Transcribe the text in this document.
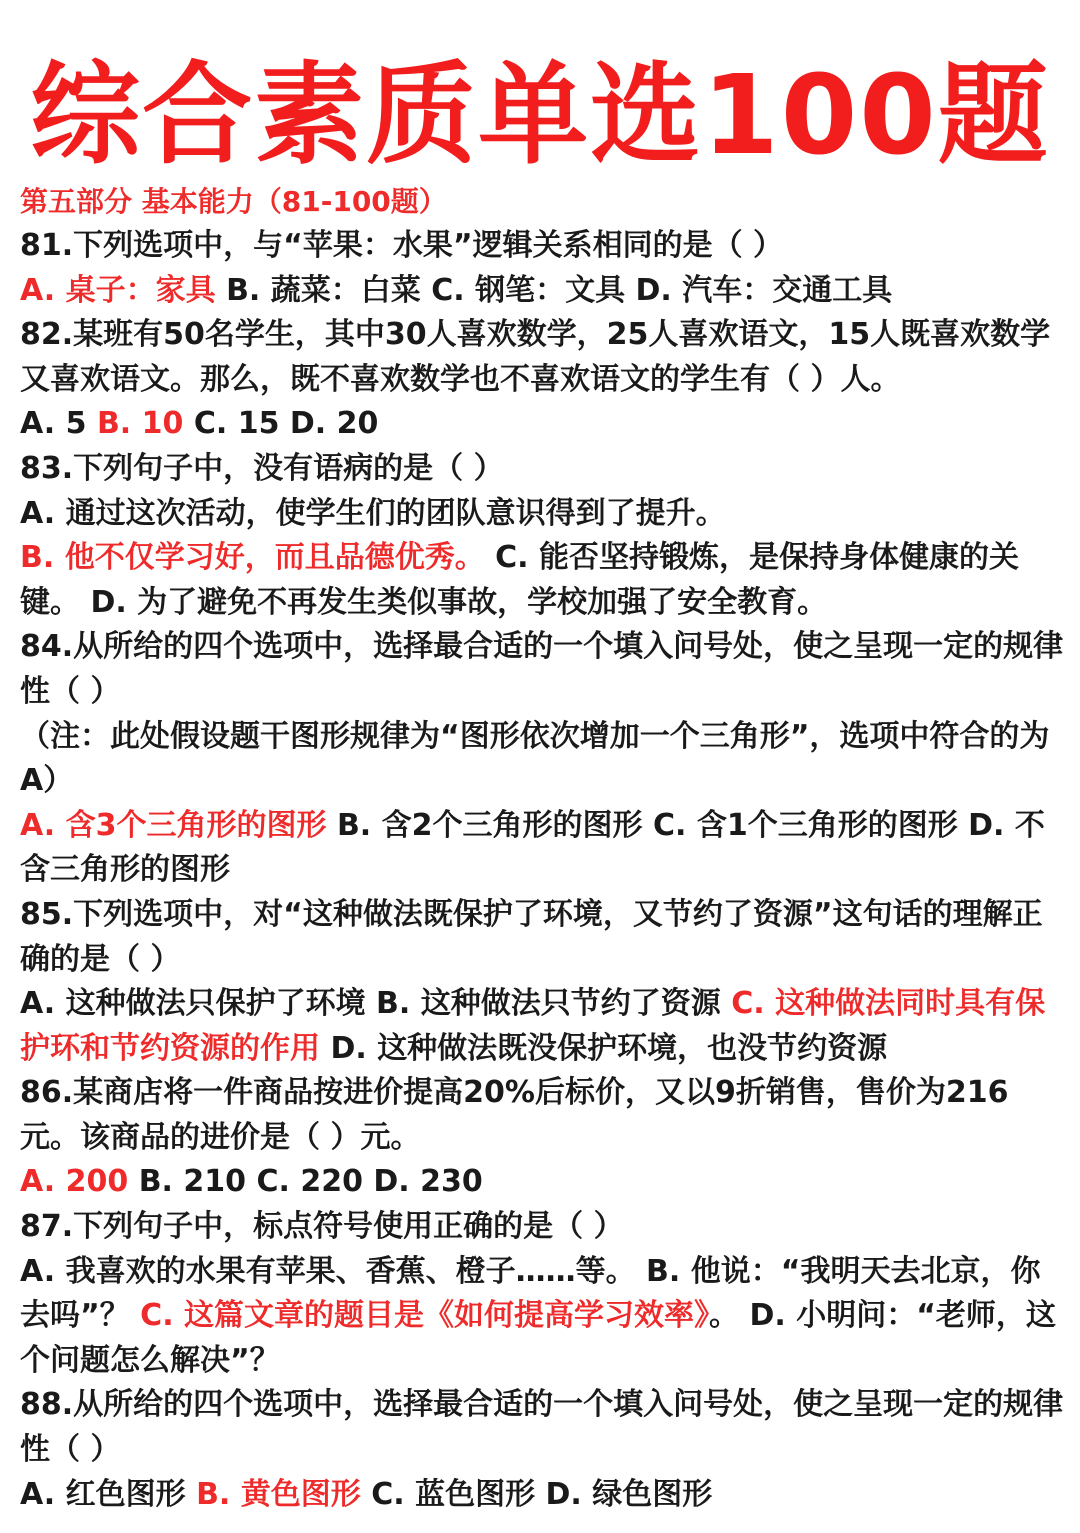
综合素质单选100题
第五部分 基本能力（81-100题）

81.下列选项中，与“苹果：水果”逻辑关系相同的是（ ）

A. 桌子：家具 B. 蔬菜：白菜 C. 钢笔：文具 D. 汽车：交通工具

82.某班有50名学生，其中30人喜欢数学，25人喜欢语文，15人既喜欢数学又喜欢语文。那么，既不喜欢数学也不喜欢语文的学生有（ ）人。

A. 5 B. 10 C. 15 D. 20

83.下列句子中，没有语病的是（ ）

A. 通过这次活动，使学生们的团队意识得到了提升。

B. 他不仅学习好，而且品德优秀。 C. 能否坚持锻炼，是保持身体健康的关键。 D. 为了避免不再发生类似事故，学校加强了安全教育。

84.从所给的四个选项中，选择最合适的一个填入问号处，使之呈现一定的规律性（ ）

（注：此处假设题干图形规律为“图形依次增加一个三角形”，选项中符合的为A）

A. 含3个三角形的图形 B. 含2个三角形的图形 C. 含1个三角形的图形 D. 不含三角形的图形

85.下列选项中，对“这种做法既保护了环境，又节约了资源”这句话的理解正确的是（ ）

A. 这种做法只保护了环境 B. 这种做法只节约了资源 C. 这种做法同时具有保护环和节约资源的作用 D. 这种做法既没保护环境，也没节约资源

86.某商店将一件商品按进价提高20%后标价，又以9折销售，售价为216元。该商品的进价是（ ）元。

A. 200 B. 210 C. 220 D. 230

87.下列句子中，标点符号使用正确的是（ ）

A. 我喜欢的水果有苹果、香蕉、橙子……等。 B. 他说：“我明天去北京，你去吗”？ C. 这篇文章的题目是《如何提高学习效率》。 D. 小明问：“老师，这个问题怎么解决”？

88.从所给的四个选项中，选择最合适的一个填入问号处，使之呈现一定的规律性（ ）

A. 红色图形 B. 黄色图形 C. 蓝色图形 D. 绿色图形
